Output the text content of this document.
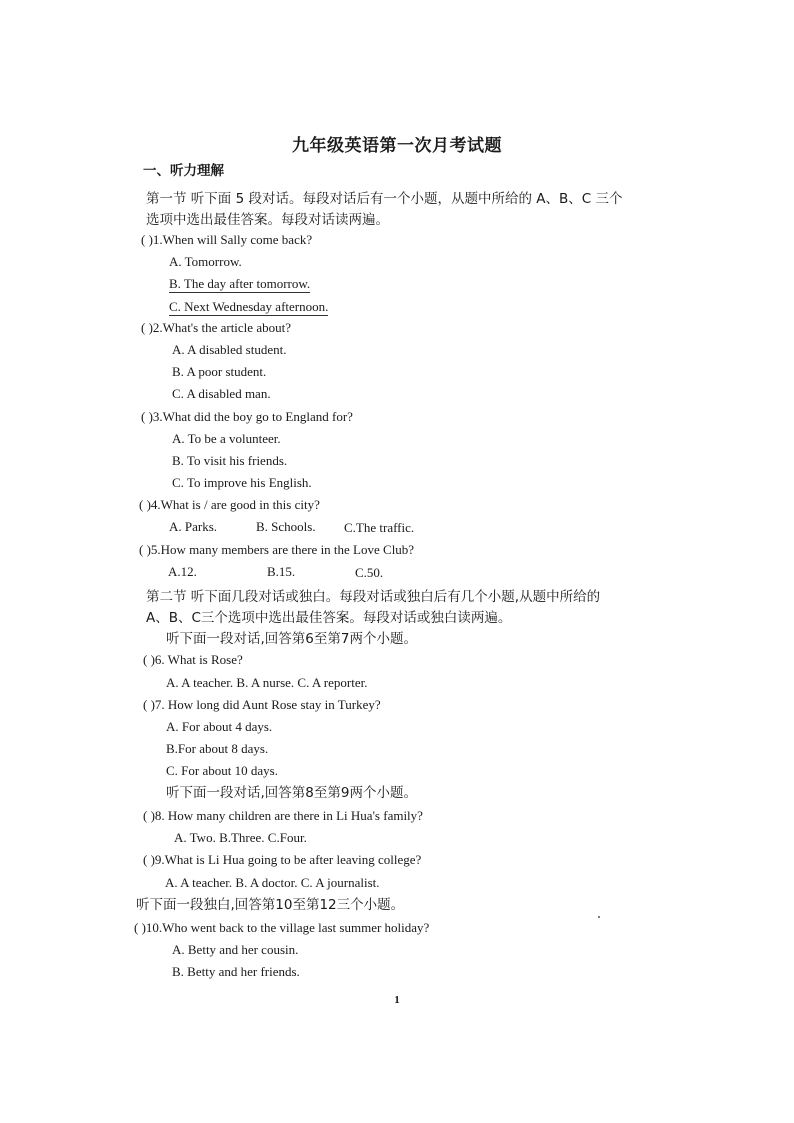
九年级英语第一次月考试题
一、听力理解
第一节 听下面 5 段对话。每段对话后有一个小题，从题中所给的 A、B、C 三个
选项中选出最佳答案。每段对话读两遍。
( )1.When will Sally come back?
A. Tomorrow.
B. The day after tomorrow.
C. Next Wednesday afternoon.
( )2.What's the article about?
A. A disabled student.
B. A poor student.
C. A disabled man.
( )3.What did the boy go to England for?
A. To be a volunteer.
B. To visit his friends.
C. To improve his English.
( )4.What is / are good in this city?
A. Parks.	B. Schools. C.The traffic.
( )5.How many members are there in the Love Club?
A.12.	B.15.	C.50.
第二节 听下面几段对话或独白。每段对话或独白后有几个小题,从题中所给的
A、B、C三个选项中选出最佳答案。每段对话或独白读两遍。
听下面一段对话,回答第6至第7两个小题。
( )6. What is Rose?
A. A teacher. B. A nurse. C. A reporter.
( )7. How long did Aunt Rose stay in Turkey?
A. For about 4 days.
B.For about 8 days.
C. For about 10 days.
听下面一段对话,回答第8至第9两个小题。
( )8. How many children are there in Li Hua's family?
A. Two. B.Three. C.Four.
( )9.What is Li Hua going to be after leaving college?
A. A teacher. B. A doctor. C. A journalist.
听下面一段独白,回答第10至第12三个小题。
( )10.Who went back to the village last summer holiday?
A. Betty and her cousin.
B. Betty and her friends.
1
